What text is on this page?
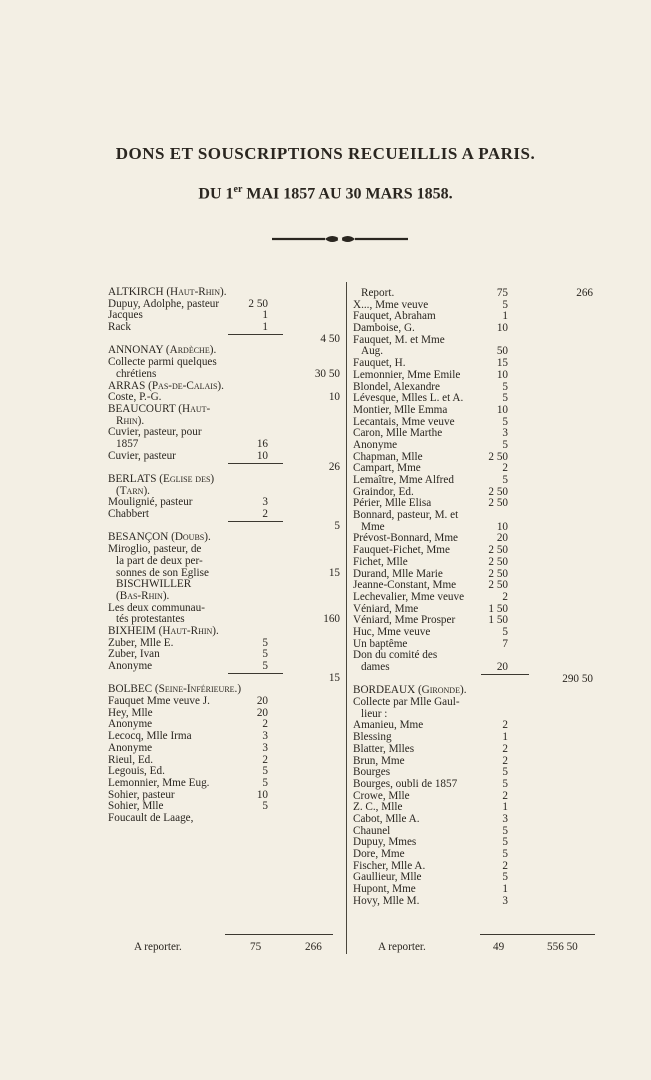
DONS ET SOUSCRIPTIONS RECUEILLIS A PARIS.
DU 1er MAI 1857 AU 30 MARS 1858.
ALTKIRCH (Haut-Rhin).
Dupuy, Adolphe, pasteur	2 50
Jacques	1
Rack	1
4 50
ANNONAY (Ardèche).
Collecte parmi quelques
chrétiens	30 50
ARRAS (Pas-de-Calais).
Coste, P.-G.	10
BEAUCOURT (Haut-
Rhin).
Cuvier, pasteur, pour
1857	16
Cuvier, pasteur	10
26
BERLATS (Eglise des)
(Tarn).
Moulignié, pasteur	3
Chabbert	2
5
BESANÇON (Doubs).
Miroglio, pasteur, de
la part de deux per-
sonnes de son Eglise	15
BISCHWILLER
(Bas-Rhin).
Les deux communau-
tés protestantes	160
BIXHEIM (Haut-Rhin).
Zuber, Mlle E.	5
Zuber, Ivan	5
Anonyme	5
15
BOLBEC (Seine-Inférieure.)
Fauquet Mme veuve J.	20
Hey, Mlle	20
Anonyme	2
Lecocq, Mlle Irma	3
Anonyme	3
Rieul, Ed.	2
Legouis, Ed.	5
Lemonnier, Mme Eug.	5
Sohier, pasteur	10
Sohier, Mlle	5
Foucault de Laage,
Report.	75	266
X..., Mme veuve	5
Fauquet, Abraham	1
Damboise, G.	10
Fauquet, M. et Mme
Aug.	50
Fauquet, H.	15
Lemonnier, Mme Emile	10
Blondel, Alexandre	5
Lévesque, Mlles L. et A.	5
Montier, Mlle Emma	10
Lecantais, Mme veuve	5
Caron, Mlle Marthe	3
Anonyme	5
Chapman, Mlle	2 50
Campart, Mme	2
Lemaître, Mme Alfred	5
Graindor, Ed.	2 50
Périer, Mlle Elisa	2 50
Bonnard, pasteur, M. et
Mme	10
Prévost-Bonnard, Mme	20
Fauquet-Fichet, Mme	2 50
Fichet, Mlle	2 50
Durand, Mlle Marie	2 50
Jeanne-Constant, Mme	2 50
Lechevalier, Mme veuve	2
Véniard, Mme	1 50
Véniard, Mme Prosper	1 50
Huc, Mme veuve	5
Un baptême	7
Don du comité des
dames	20
290 50
BORDEAUX (Gironde).
Collecte par Mlle Gaul-
lieur :
Amanieu, Mme	2
Blessing	1
Blatter, Mlles	2
Brun, Mme	2
Bourges	5
Bourges, oubli de 1857	5
Crowe, Mlle	2
Z. C., Mlle	1
Cabot, Mlle A.	3
Chaunel	5
Dupuy, Mmes	5
Dore, Mme	5
Fischer, Mlle A.	2
Gaullieur, Mlle	5
Hupont, Mme	1
Hovy, Mlle M.	3
A reporter.	75	266	A reporter.	49	556 50
